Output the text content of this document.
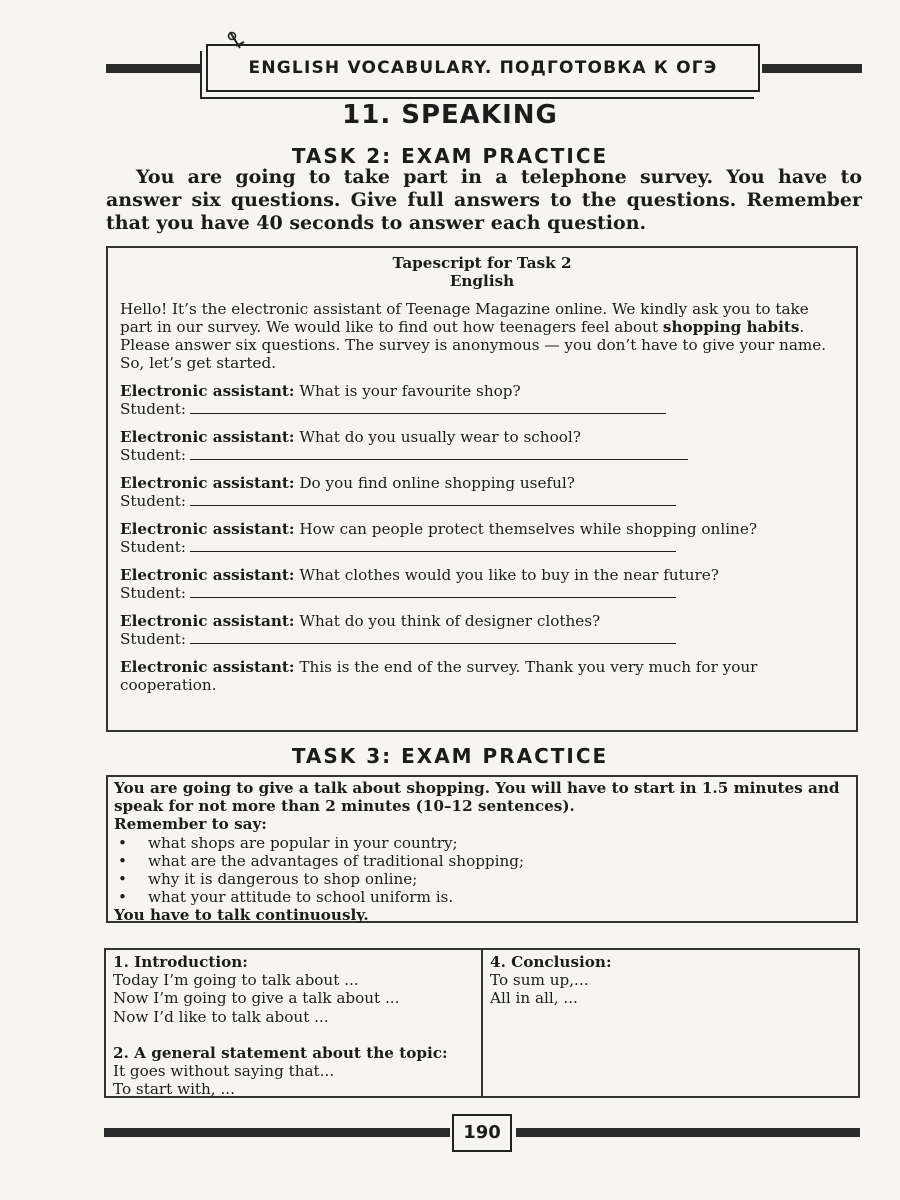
ENGLISH VOCABULARY. ПОДГОТОВКА К ОГЭ
11. SPEAKING
TASK 2: EXAM PRACTICE

You are going to take part in a telephone survey. You have to answer six questions. Give full answers to the questions. Remember that you have 40 seconds to answer each question.

Tapescript for Task 2
English

Hello! It’s the electronic assistant of Teenage Magazine online. We kindly ask you to take part in our survey. We would like to find out how teenagers feel about shopping habits. Please answer six questions. The survey is anonymous — you don’t have to give your name. So, let’s get started.

Electronic assistant: What is your favourite shop?
Student:
Electronic assistant: What do you usually wear to school?
Student:
Electronic assistant: Do you find online shopping useful?
Student:
Electronic assistant: How can people protect themselves while shopping online?
Student:
Electronic assistant: What clothes would you like to buy in the near future?
Student:
Electronic assistant: What do you think of designer clothes?
Student:
Electronic assistant: This is the end of the survey. Thank you very much for your cooperation.
TASK 3: EXAM PRACTICE
You are going to give a talk about shopping. You will have to start in 1.5 minutes and speak for not more than 2 minutes (10–12 sentences).
Remember to say:
• what shops are popular in your country;
• what are the advantages of traditional shopping;
• why it is dangerous to shop online;
• what your attitude to school uniform is.
You have to talk continuously.
1. Introduction:
Today I’m going to talk about ...
Now I’m going to give a talk about ...
Now I’d like to talk about ...
2. A general statement about the topic:
It goes without saying that...
To start with, ...
4. Conclusion:
To sum up,...
All in all, ...
190
